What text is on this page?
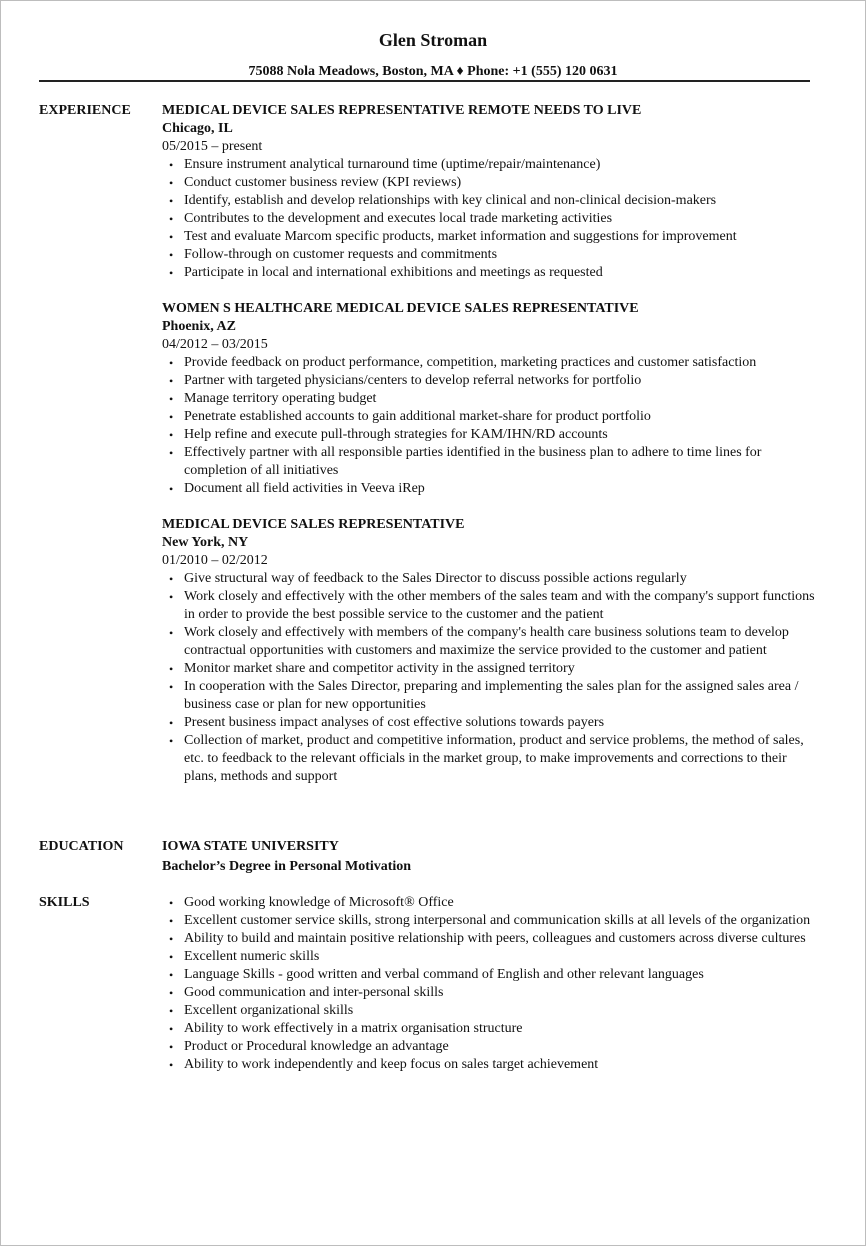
Glen Stroman
75088 Nola Meadows, Boston, MA ♦ Phone: +1 (555) 120 0631
EXPERIENCE MEDICAL DEVICE SALES REPRESENTATIVE REMOTE NEEDS TO LIVE

Chicago, IL

05/2015 – present

• Ensure instrument analytical turnaround time (uptime/repair/maintenance)
• Conduct customer business review (KPI reviews)
• Identify, establish and develop relationships with key clinical and non-clinical decision-makers
• Contributes to the development and executes local trade marketing activities
• Test and evaluate Marcom specific products, market information and suggestions for improvement
• Follow-through on customer requests and commitments
• Participate in local and international exhibitions and meetings as requested

WOMEN S HEALTHCARE MEDICAL DEVICE SALES REPRESENTATIVE

Phoenix, AZ

04/2012 – 03/2015

• Provide feedback on product performance, competition, marketing practices and customer satisfaction
• Partner with targeted physicians/centers to develop referral networks for portfolio
• Manage territory operating budget
• Penetrate established accounts to gain additional market-share for product portfolio
• Help refine and execute pull-through strategies for KAM/IHN/RD accounts
• Effectively partner with all responsible parties identified in the business plan to adhere to time lines for completion of all initiatives
• Document all field activities in Veeva iRep

MEDICAL DEVICE SALES REPRESENTATIVE

New York, NY

01/2010 – 02/2012

• Give structural way of feedback to the Sales Director to discuss possible actions regularly
• Work closely and effectively with the other members of the sales team and with the company's support functions in order to provide the best possible service to the customer and the patient
• Work closely and effectively with members of the company's health care business solutions team to develop contractual opportunities with customers and maximize the service provided to the customer and patient
• Monitor market share and competitor activity in the assigned territory
• In cooperation with the Sales Director, preparing and implementing the sales plan for the assigned sales area / business case or plan for new opportunities
• Present business impact analyses of cost effective solutions towards payers
• Collection of market, product and competitive information, product and service problems, the method of sales, etc. to feedback to the relevant officials in the market group, to make improvements and corrections to their plans, methods and support
EDUCATION	IOWA STATE UNIVERSITY

Bachelor’s Degree in Personal Motivation

SKILLS
•	Good working knowledge of Microsoft® Office
• Excellent customer service skills, strong interpersonal and communication skills at all levels of the organization
• Ability to build and maintain positive relationship with peers, colleagues and customers across diverse cultures
• Excellent numeric skills
• Language Skills - good written and verbal command of English and other relevant languages
• Good communication and inter-personal skills
• Excellent organizational skills
• Ability to work effectively in a matrix organisation structure
• Product or Procedural knowledge an advantage
• Ability to work independently and keep focus on sales target achievement
